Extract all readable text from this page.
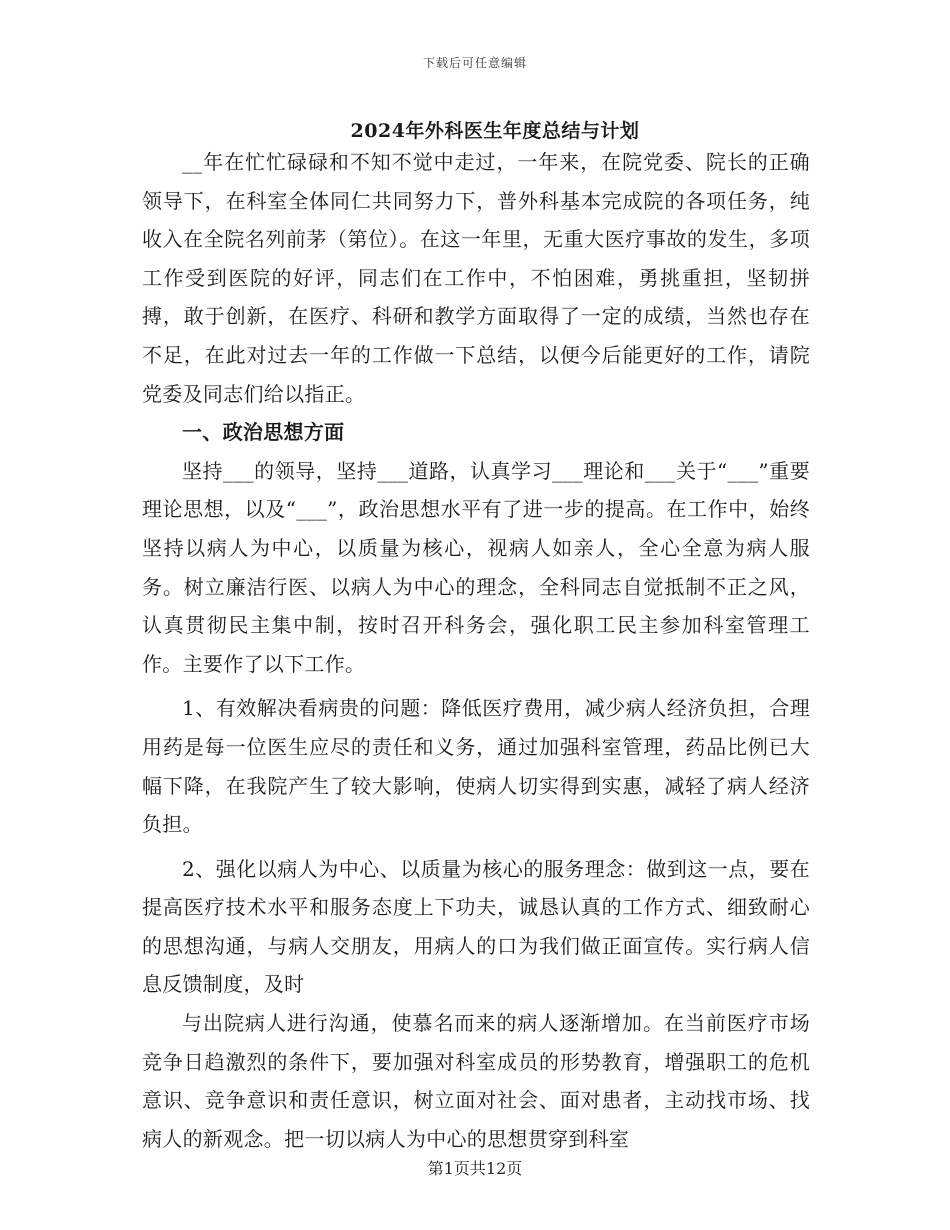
下载后可任意编辑
2024年外科医生年度总结与计划

__年在忙忙碌碌和不知不觉中走过，一年来，在院党委、院长的正确领导下，在科室全体同仁共同努力下，普外科基本完成院的各项任务，纯收入在全院名列前茅（第位）。在这一年里，无重大医疗事故的发生，多项工作受到医院的好评，同志们在工作中，不怕困难，勇挑重担，坚韧拼搏，敢于创新，在医疗、科研和教学方面取得了一定的成绩，当然也存在不足，在此对过去一年的工作做一下总结，以便今后能更好的工作，请院党委及同志们给以指正。

一、政治思想方面

坚持___的领导，坚持___道路，认真学习___理论和___关于“___”重要理论思想，以及“___”，政治思想水平有了进一步的提高。在工作中，始终坚持以病人为中心，以质量为核心，视病人如亲人，全心全意为病人服务。树立廉洁行医、以病人为中心的理念，全科同志自觉抵制不正之风，认真贯彻民主集中制，按时召开科务会，强化职工民主参加科室管理工作。主要作了以下工作。

1、有效解决看病贵的问题：降低医疗费用，减少病人经济负担，合理用药是每一位医生应尽的责任和义务，通过加强科室管理，药品比例已大幅下降，在我院产生了较大影响，使病人切实得到实惠，减轻了病人经济负担。

2、强化以病人为中心、以质量为核心的服务理念：做到这一点，要在提高医疗技术水平和服务态度上下功夫，诚恳认真的工作方式、细致耐心的思想沟通，与病人交朋友，用病人的口为我们做正面宣传。实行病人信息反馈制度，及时

与出院病人进行沟通，使慕名而来的病人逐渐增加。在当前医疗市场竞争日趋激烈的条件下，要加强对科室成员的形势教育，增强职工的危机意识、竞争意识和责任意识，树立面对社会、面对患者，主动找市场、找病人的新观念。把一切以病人为中心的思想贯穿到科室

第1页共12页
